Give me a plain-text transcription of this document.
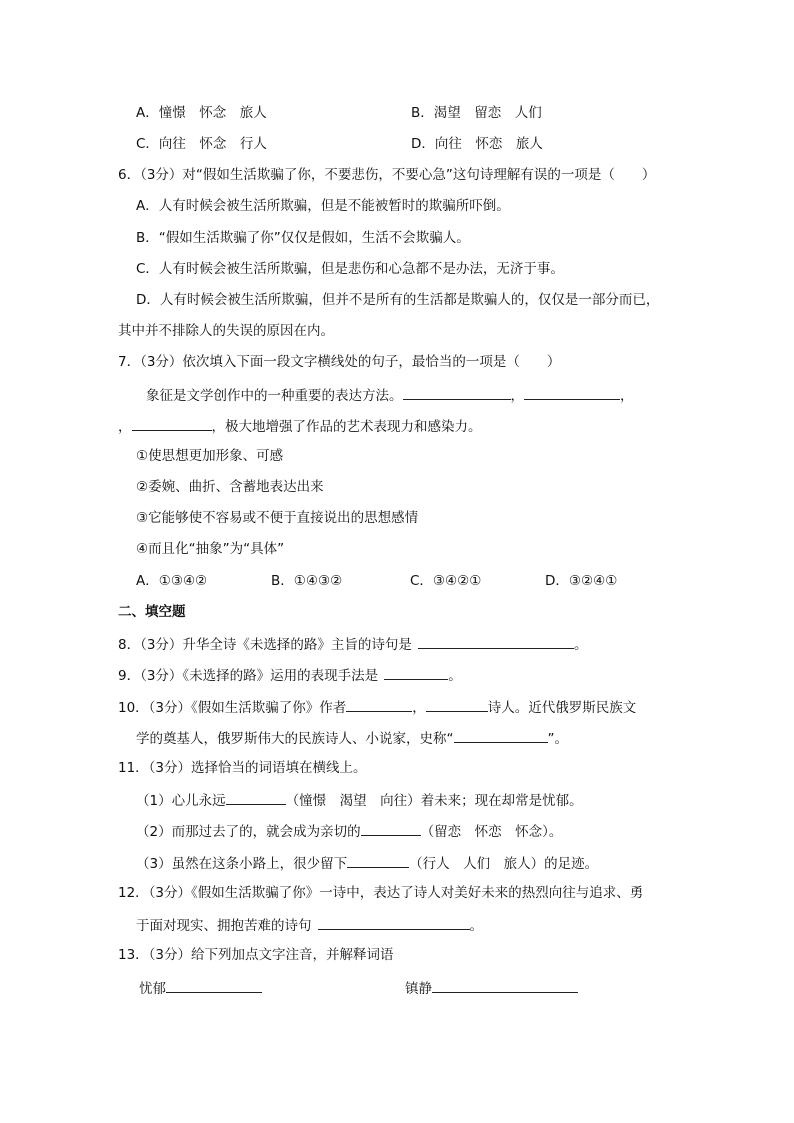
A．憧憬　怀念　旅人	B．渴望　留恋　人们
C．向往　怀念　行人	D．向往　怀恋　旅人
6．（3分）对“假如生活欺骗了你，不要悲伤，不要心急”这句诗理解有误的一项是（　　）
A．人有时候会被生活所欺骗，但是不能被暂时的欺骗所吓倒。
B．“假如生活欺骗了你”仅仅是假如，生活不会欺骗人。
C．人有时候会被生活所欺骗，但是悲伤和心急都不是办法，无济于事。
D．人有时候会被生活所欺骗，但并不是所有的生活都是欺骗人的，仅仅是一部分而已，
其中并不排除人的失误的原因在内。
7．（3分）依次填入下面一段文字横线处的句子，最恰当的一项是（　　）
象征是文学创作中的一种重要的表达方法。	，	，
，	，极大地增强了作品的艺术表现力和感染力。
①使思想更加形象、可感
②委婉、曲折、含蓄地表达出来
③它能够使不容易或不便于直接说出的思想感情
④而且化“抽象”为“具体”
A．①③④②	B．①④③②	C．③④②①	D．③②④①
二、填空题
8．（3分）升华全诗《未选择的路》主旨的诗句是	。
9．（3分）《未选择的路》运用的表现手法是	。
10．（3分）《假如生活欺骗了你》作者	，	诗人。近代俄罗斯民族文
学的奠基人，俄罗斯伟大的民族诗人、小说家，史称“	”。
11．（3分）选择恰当的词语填在横线上。
（1）心儿永远	（憧憬　渴望　向往）着未来；现在却常是忧郁。
（2）而那过去了的，就会成为亲切的	（留恋　怀恋　怀念）。
（3）虽然在这条小路上，很少留下	（行人　人们　旅人）的足迹。
12．（3分）《假如生活欺骗了你》一诗中，表达了诗人对美好未来的热烈向往与追求、勇
于面对现实、拥抱苦难的诗句	。
13．（3分）给下列加点文字注音，并解释词语
忧郁	镇静
